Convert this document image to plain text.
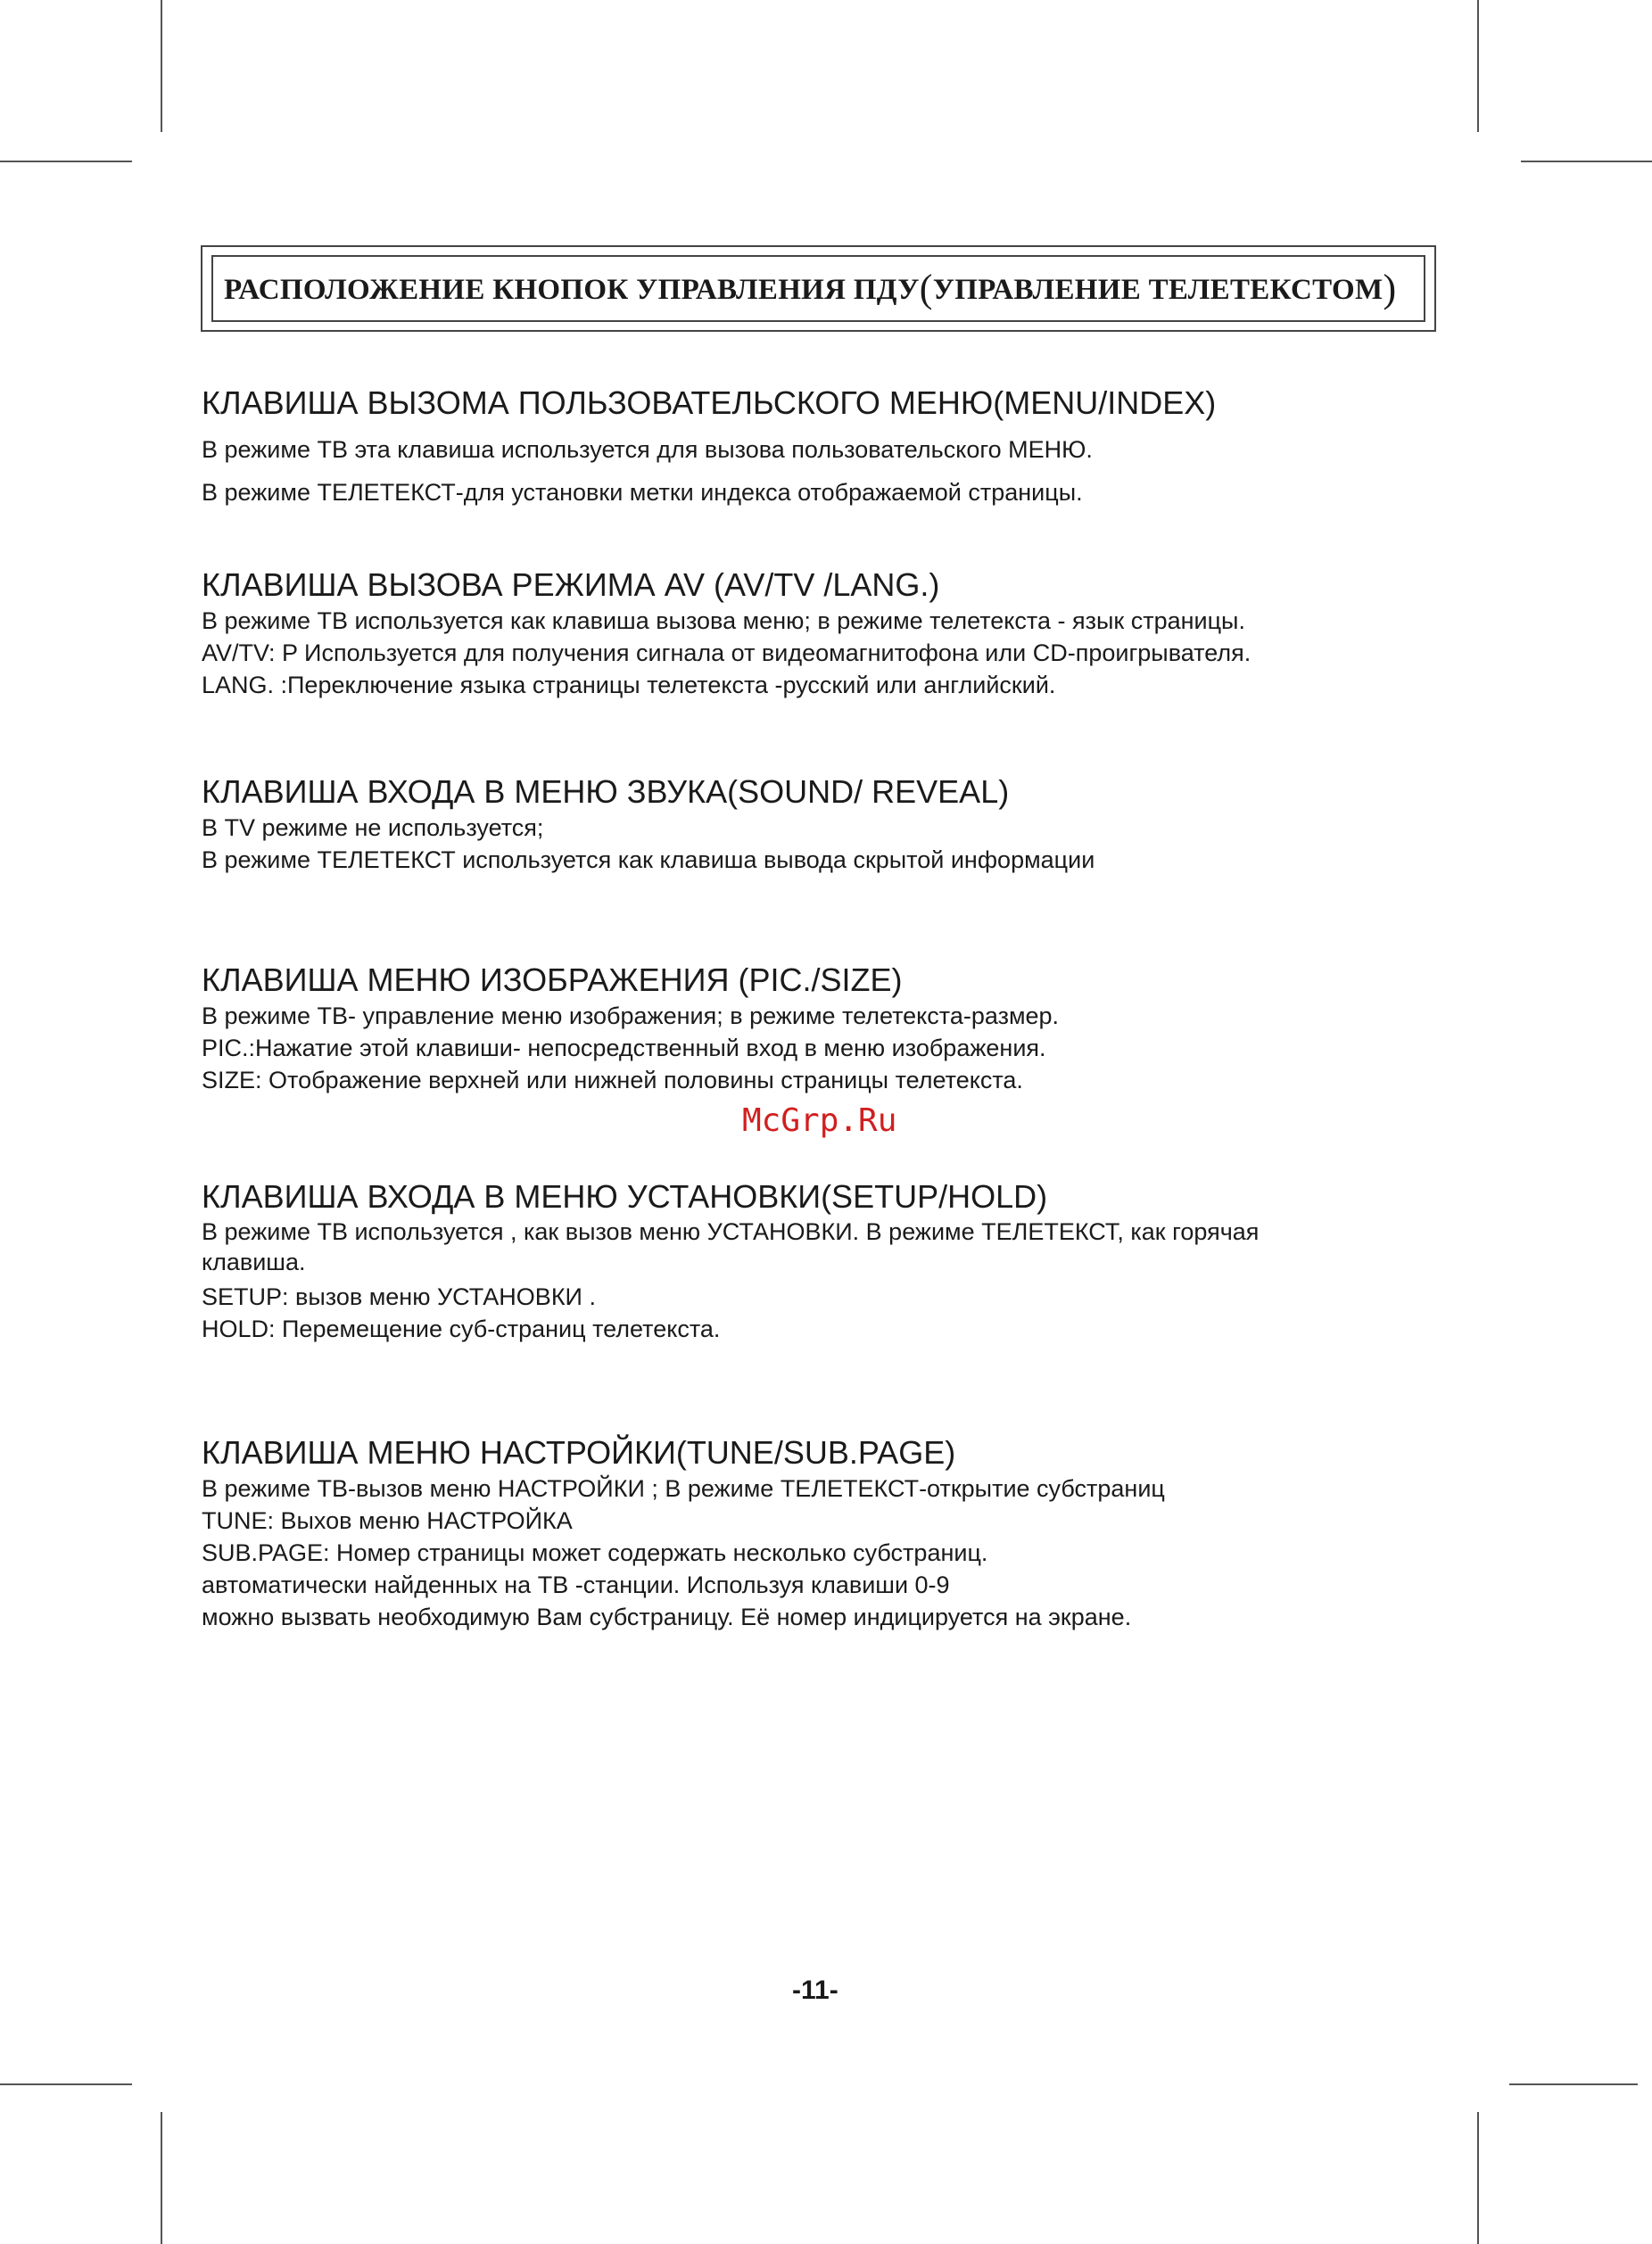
РАСПОЛОЖЕНИЕ КНОПОК УПРАВЛЕНИЯ ПДУ(УПРАВЛЕНИЕ ТЕЛЕТЕКСТОМ)
КЛАВИША ВЫЗОМА ПОЛЬЗОВАТЕЛЬСКОГО МЕНЮ(MENU/INDEX)

В режиме ТВ эта клавиша используется для вызова пользовательского МЕНЮ.

В режиме ТЕЛЕТЕКСТ-для установки метки индекса отображаемой страницы.

КЛАВИША ВЫЗОВА РЕЖИМА AV (AV/TV /LANG.)

В режиме ТВ используется как клавиша вызова меню; в режиме телетекста - язык страницы.

AV/TV: P Используется для получения сигнала от видеомагнитофона или CD-проигрывателя.

LANG. :Переключение языка страницы телетекста -русский или английский.

КЛАВИША ВХОДА В МЕНЮ ЗВУКА(SOUND/ REVEAL)

В TV режиме не используется;

В режиме ТЕЛЕТЕКСТ используется как клавиша вывода скрытой информации

КЛАВИША МЕНЮ ИЗОБРАЖЕНИЯ (PIC./SIZE)

В режиме ТВ- управление меню изображения; в режиме телетекста-размер.

PIC.:Нажатие этой клавиши- непосредственный вход в меню изображения.

SIZE: Отображение верхней или нижней половины страницы телетекста.

McGrp.Ru
КЛАВИША ВХОДА В МЕНЮ УСТАНОВКИ(SETUP/HOLD)

В режиме ТВ используется , как вызов меню УСТАНОВКИ. В режиме ТЕЛЕТЕКСТ, как горячая

клавиша.

SETUP: вызов меню УСТАНОВКИ .

HOLD: Перемещение суб-страниц телетекста.

КЛАВИША МЕНЮ НАСТРОЙКИ(TUNE/SUB.PAGE)

В режиме ТВ-вызов меню НАСТРОЙКИ ; В режиме ТЕЛЕТЕКСТ-открытие субстраниц

TUNE: Выхов меню НАСТРОЙКА

SUB.PAGE: Номер страницы может содержать несколько субстраниц.

автоматически найденных на ТВ -станции. Используя клавиши 0-9

можно вызвать необходимую Вам субстраницу. Её номер индицируется на экране.

-11-
